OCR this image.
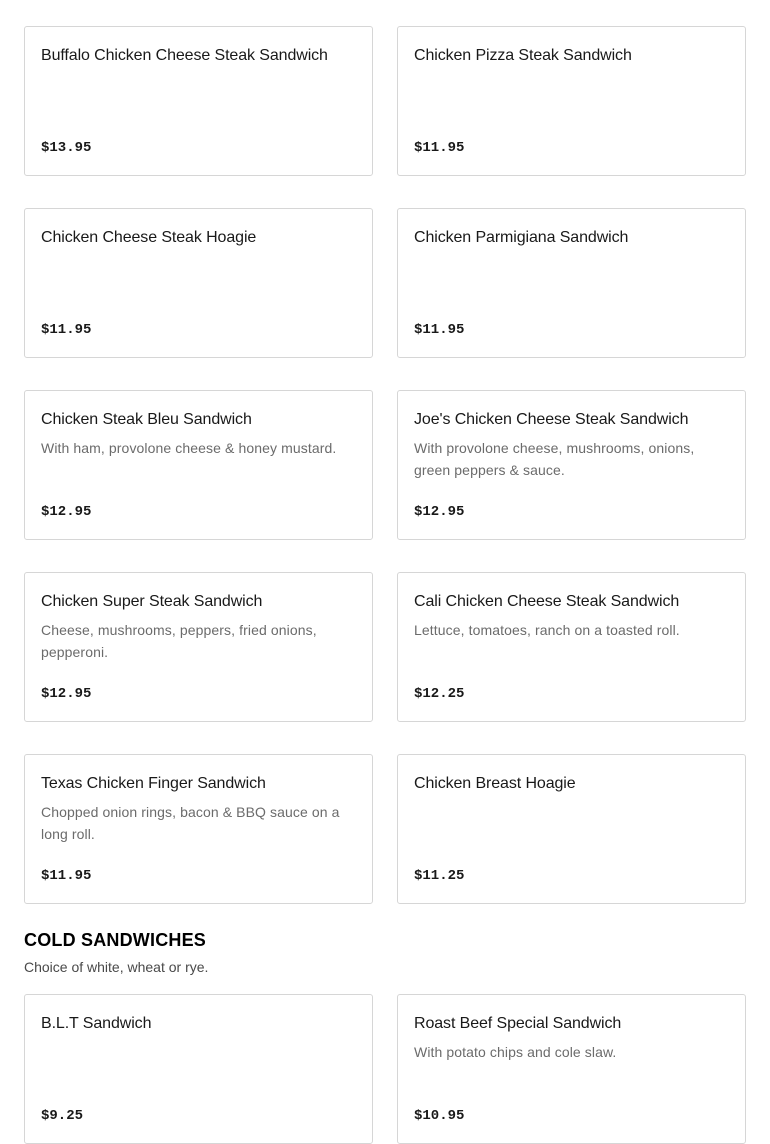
Buffalo Chicken Cheese Steak Sandwich
$13.95
Chicken Pizza Steak Sandwich
$11.95
Chicken Cheese Steak Hoagie
$11.95
Chicken Parmigiana Sandwich
$11.95
Chicken Steak Bleu Sandwich
With ham, provolone cheese & honey mustard.
$12.95
Joe's Chicken Cheese Steak Sandwich
With provolone cheese, mushrooms, onions, green peppers & sauce.
$12.95
Chicken Super Steak Sandwich
Cheese, mushrooms, peppers, fried onions, pepperoni.
$12.95
Cali Chicken Cheese Steak Sandwich
Lettuce, tomatoes, ranch on a toasted roll.
$12.25
Texas Chicken Finger Sandwich
Chopped onion rings, bacon & BBQ sauce on a long roll.
$11.95
Chicken Breast Hoagie
$11.25
COLD SANDWICHES

Choice of white, wheat or rye.

B.L.T Sandwich
$9.25
Roast Beef Special Sandwich
With potato chips and cole slaw.
$10.95
